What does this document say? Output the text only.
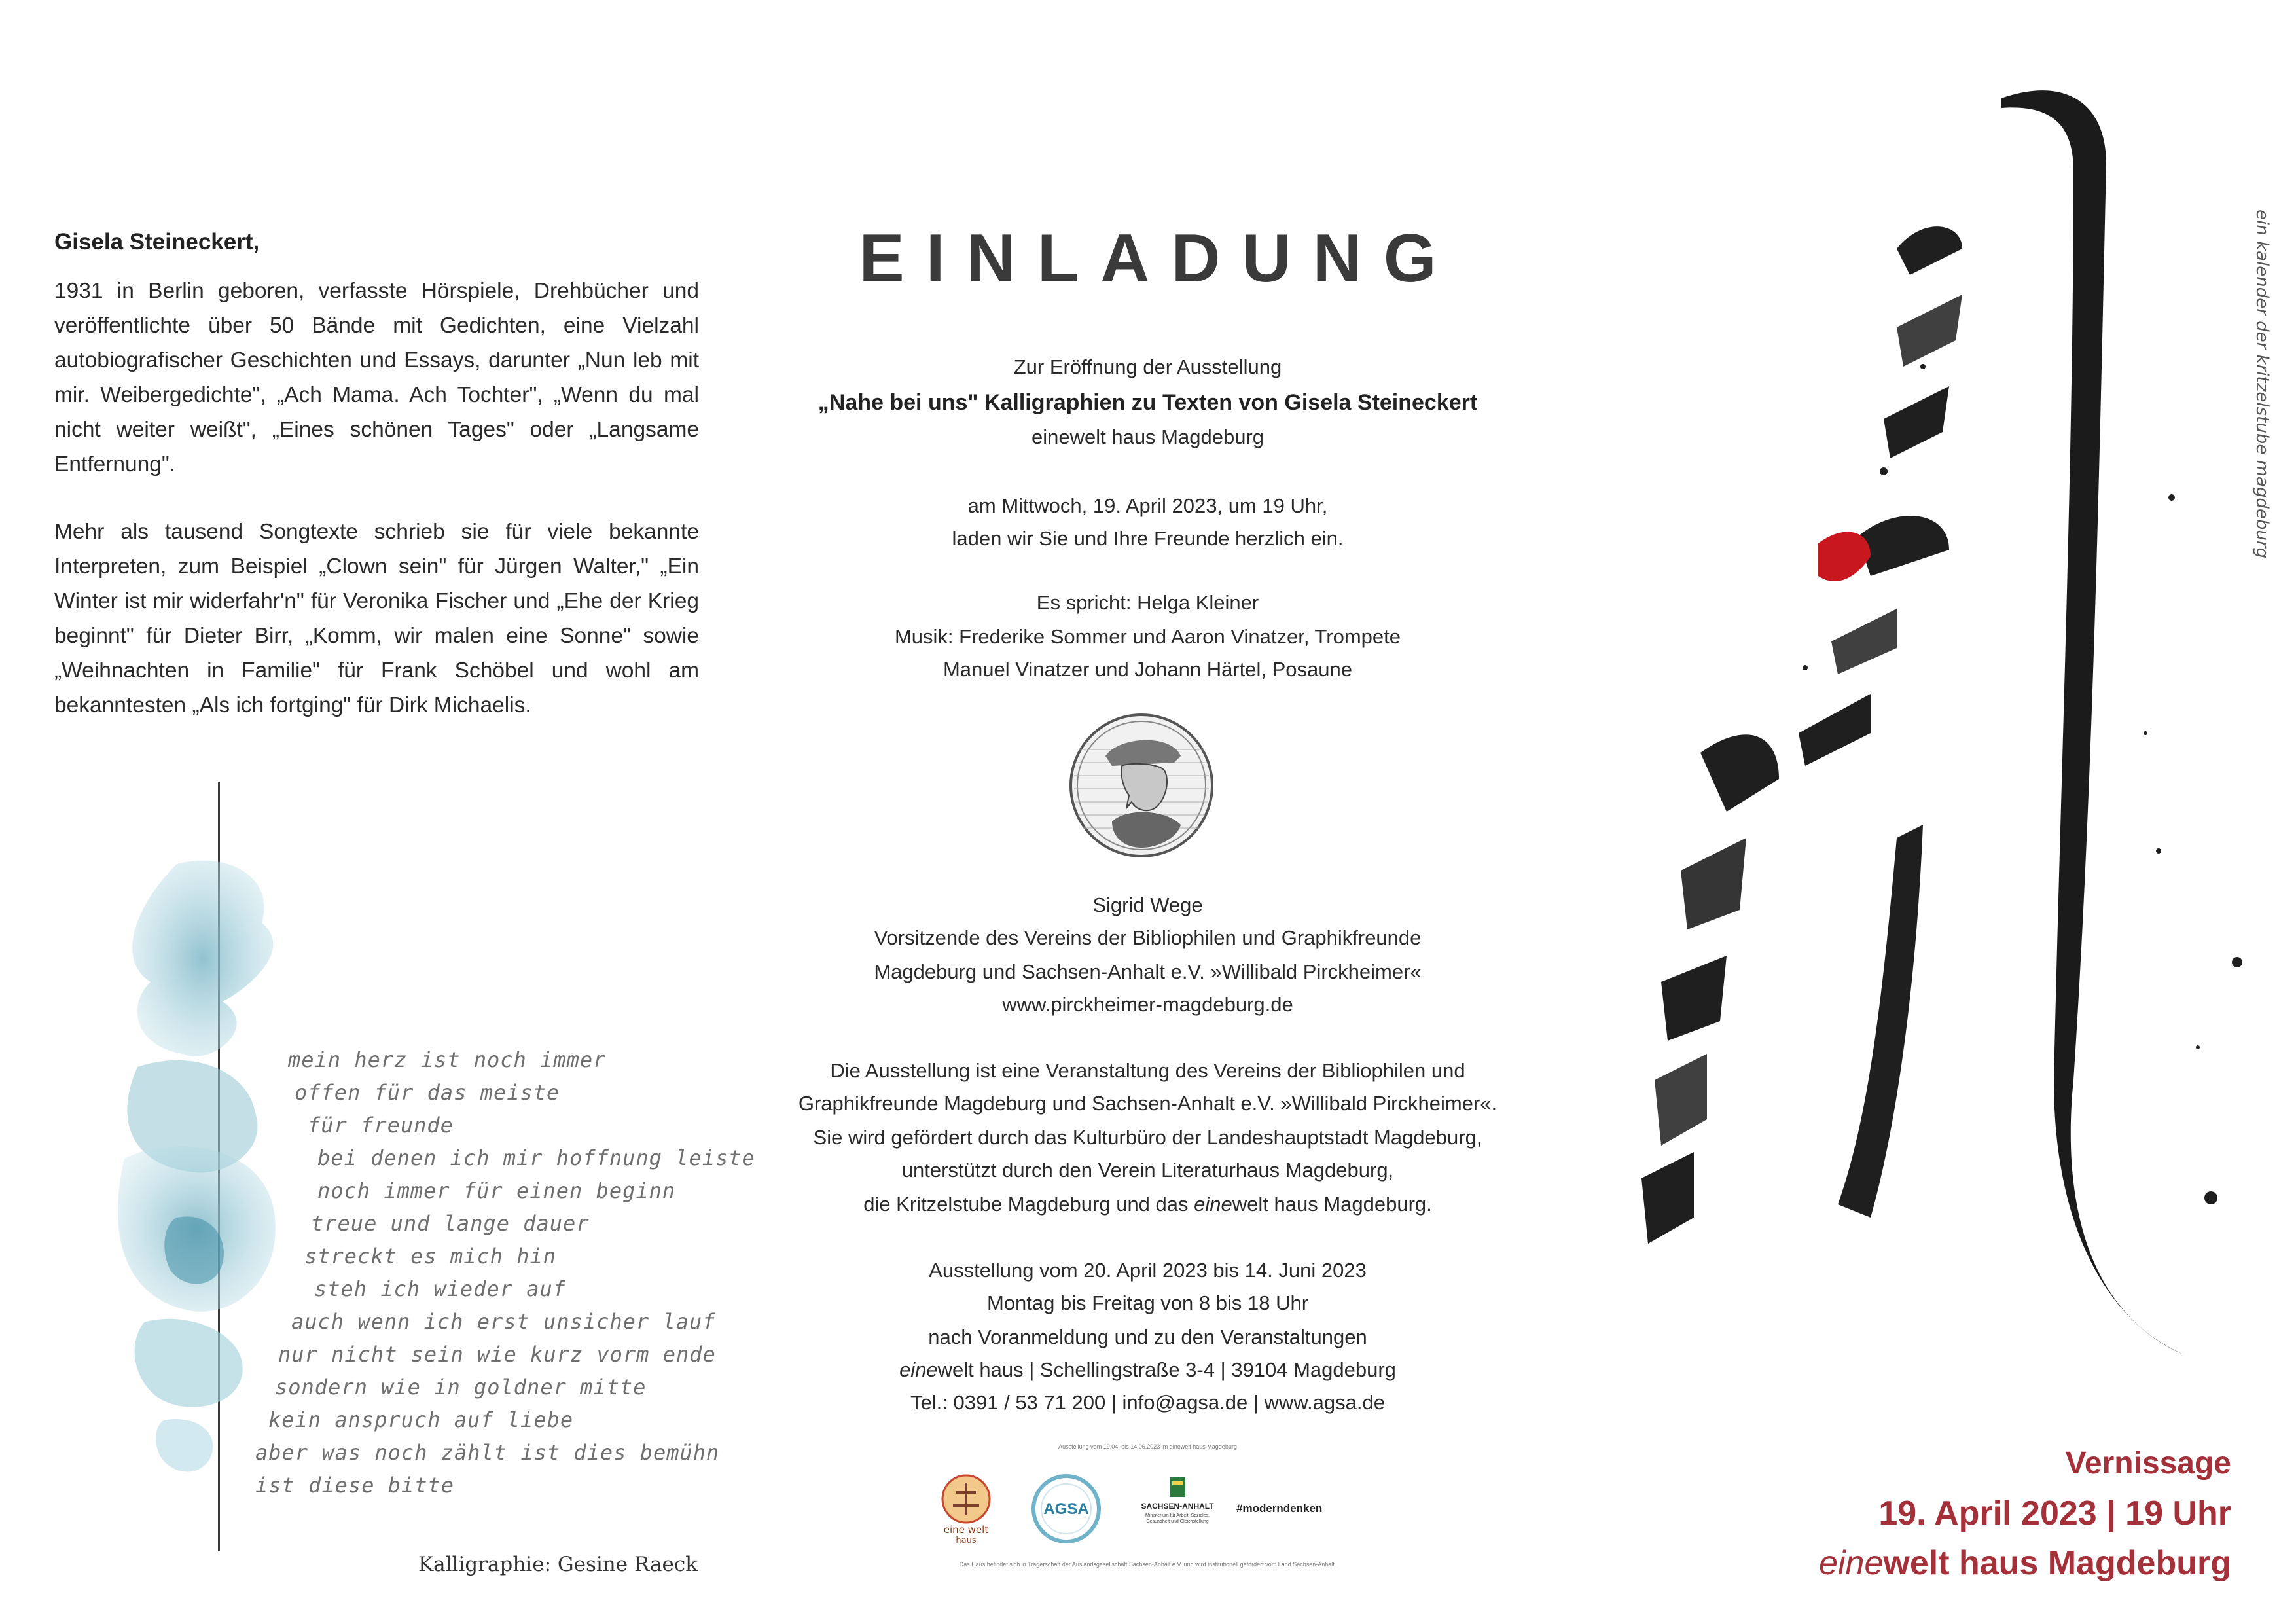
Gisela Steineckert,
1931 in Berlin geboren, verfasste Hörspiele, Drehbücher und veröffentlichte über 50 Bände mit Gedichten, eine Vielzahl autobiografischer Geschichten und Essays, darunter „Nun leb mit mir. Weibergedichte", „Ach Mama. Ach Tochter", „Wenn du mal nicht weiter weißt", „Eines schönen Tages" oder „Langsame Entfernung".
Mehr als tausend Songtexte schrieb sie für viele bekannte Interpreten, zum Beispiel „Clown sein" für Jürgen Walter," „Ein Winter ist mir widerfahr'n" für Veronika Fischer und „Ehe der Krieg beginnt" für Dieter Birr, „Komm, wir malen eine Sonne" sowie „Weihnachten in Familie" für Frank Schöbel und wohl am bekanntesten „Als ich fortging" für Dirk Michaelis.
mein herz ist noch immer
offen für das meiste
für freunde
bei denen ich mir hoffnung leiste
noch immer für einen beginn
treue und lange dauer
streckt es mich hin
steh ich wieder auf
auch wenn ich erst unsicher lauf
nur nicht sein wie kurz vorm ende
sondern wie in goldner mitte
kein anspruch auf liebe
aber was noch zählt ist dies bemühn
ist diese bitte
Kalligraphie: Gesine Raeck
EINLADUNG
Zur Eröffnung der Ausstellung
„Nahe bei uns" Kalligraphien zu Texten von Gisela Steineckert
einewelt haus Magdeburg
am Mittwoch, 19. April 2023, um 19 Uhr,
laden wir Sie und Ihre Freunde herzlich ein.
Es spricht: Helga Kleiner
Musik: Frederike Sommer und Aaron Vinatzer, Trompete
Manuel Vinatzer und Johann Härtel, Posaune
Sigrid Wege
Vorsitzende des Vereins der Bibliophilen und Graphikfreunde
Magdeburg und Sachsen-Anhalt e.V. »Willibald Pirckheimer«
www.pirckheimer-magdeburg.de
Die Ausstellung ist eine Veranstaltung des Vereins der Bibliophilen und
Graphikfreunde Magdeburg und Sachsen-Anhalt e.V. »Willibald Pirckheimer«.
Sie wird gefördert durch das Kulturbüro der Landeshauptstadt Magdeburg,
unterstützt durch den Verein Literaturhaus Magdeburg,
die Kritzelstube Magdeburg und das einewelt haus Magdeburg.
Ausstellung vom 20. April 2023 bis 14. Juni 2023
Montag bis Freitag von 8 bis 18 Uhr
nach Voranmeldung und zu den Veranstaltungen
einewelt haus | Schellingstraße 3-4 | 39104 Magdeburg
Tel.: 0391 / 53 71 200 | info@agsa.de | www.agsa.de
Ausstellung vom 19.04. bis 14.06.2023 im einewelt haus Magdeburg
eine welt
haus
AGSA	SACHSEN-ANHALT
Ministerium für Arbeit, Soziales, Gesundheit und Gleichstellung
#moderndenken
Das Haus befindet sich in Trägerschaft der Auslandsgesellschaft Sachsen-Anhalt e.V. und wird institutionell gefördert vom Land Sachsen-Anhalt.
ein kalender der kritzelstube magdeburg
Vernissage
19. April 2023 | 19 Uhr
einewelt haus Magdeburg
